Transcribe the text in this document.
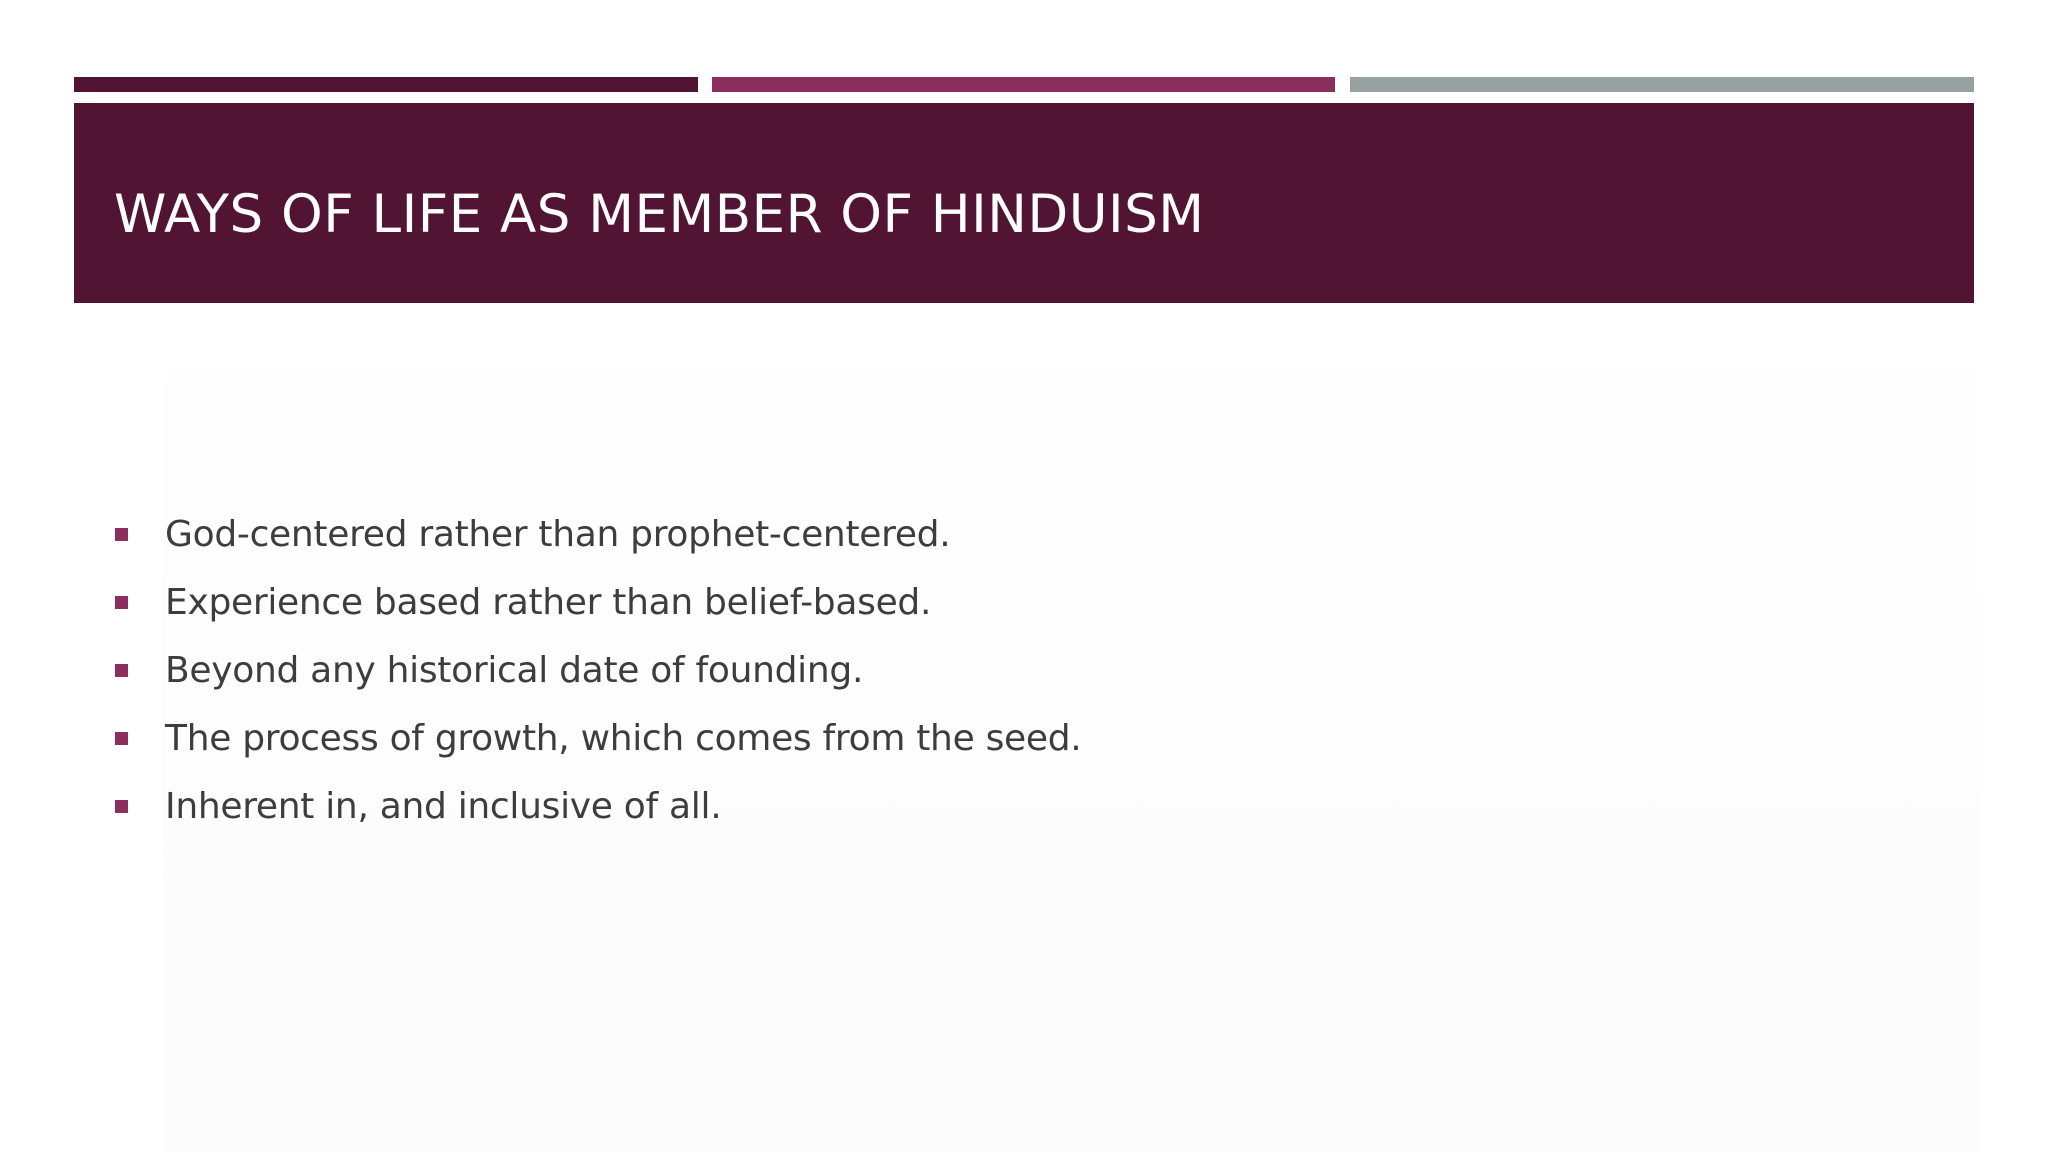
WAYS OF LIFE AS MEMBER OF HINDUISM
God-centered rather than prophet-centered.
Experience based rather than belief-based.
Beyond any historical date of founding.
The process of growth, which comes from the seed.
Inherent in, and inclusive of all.
